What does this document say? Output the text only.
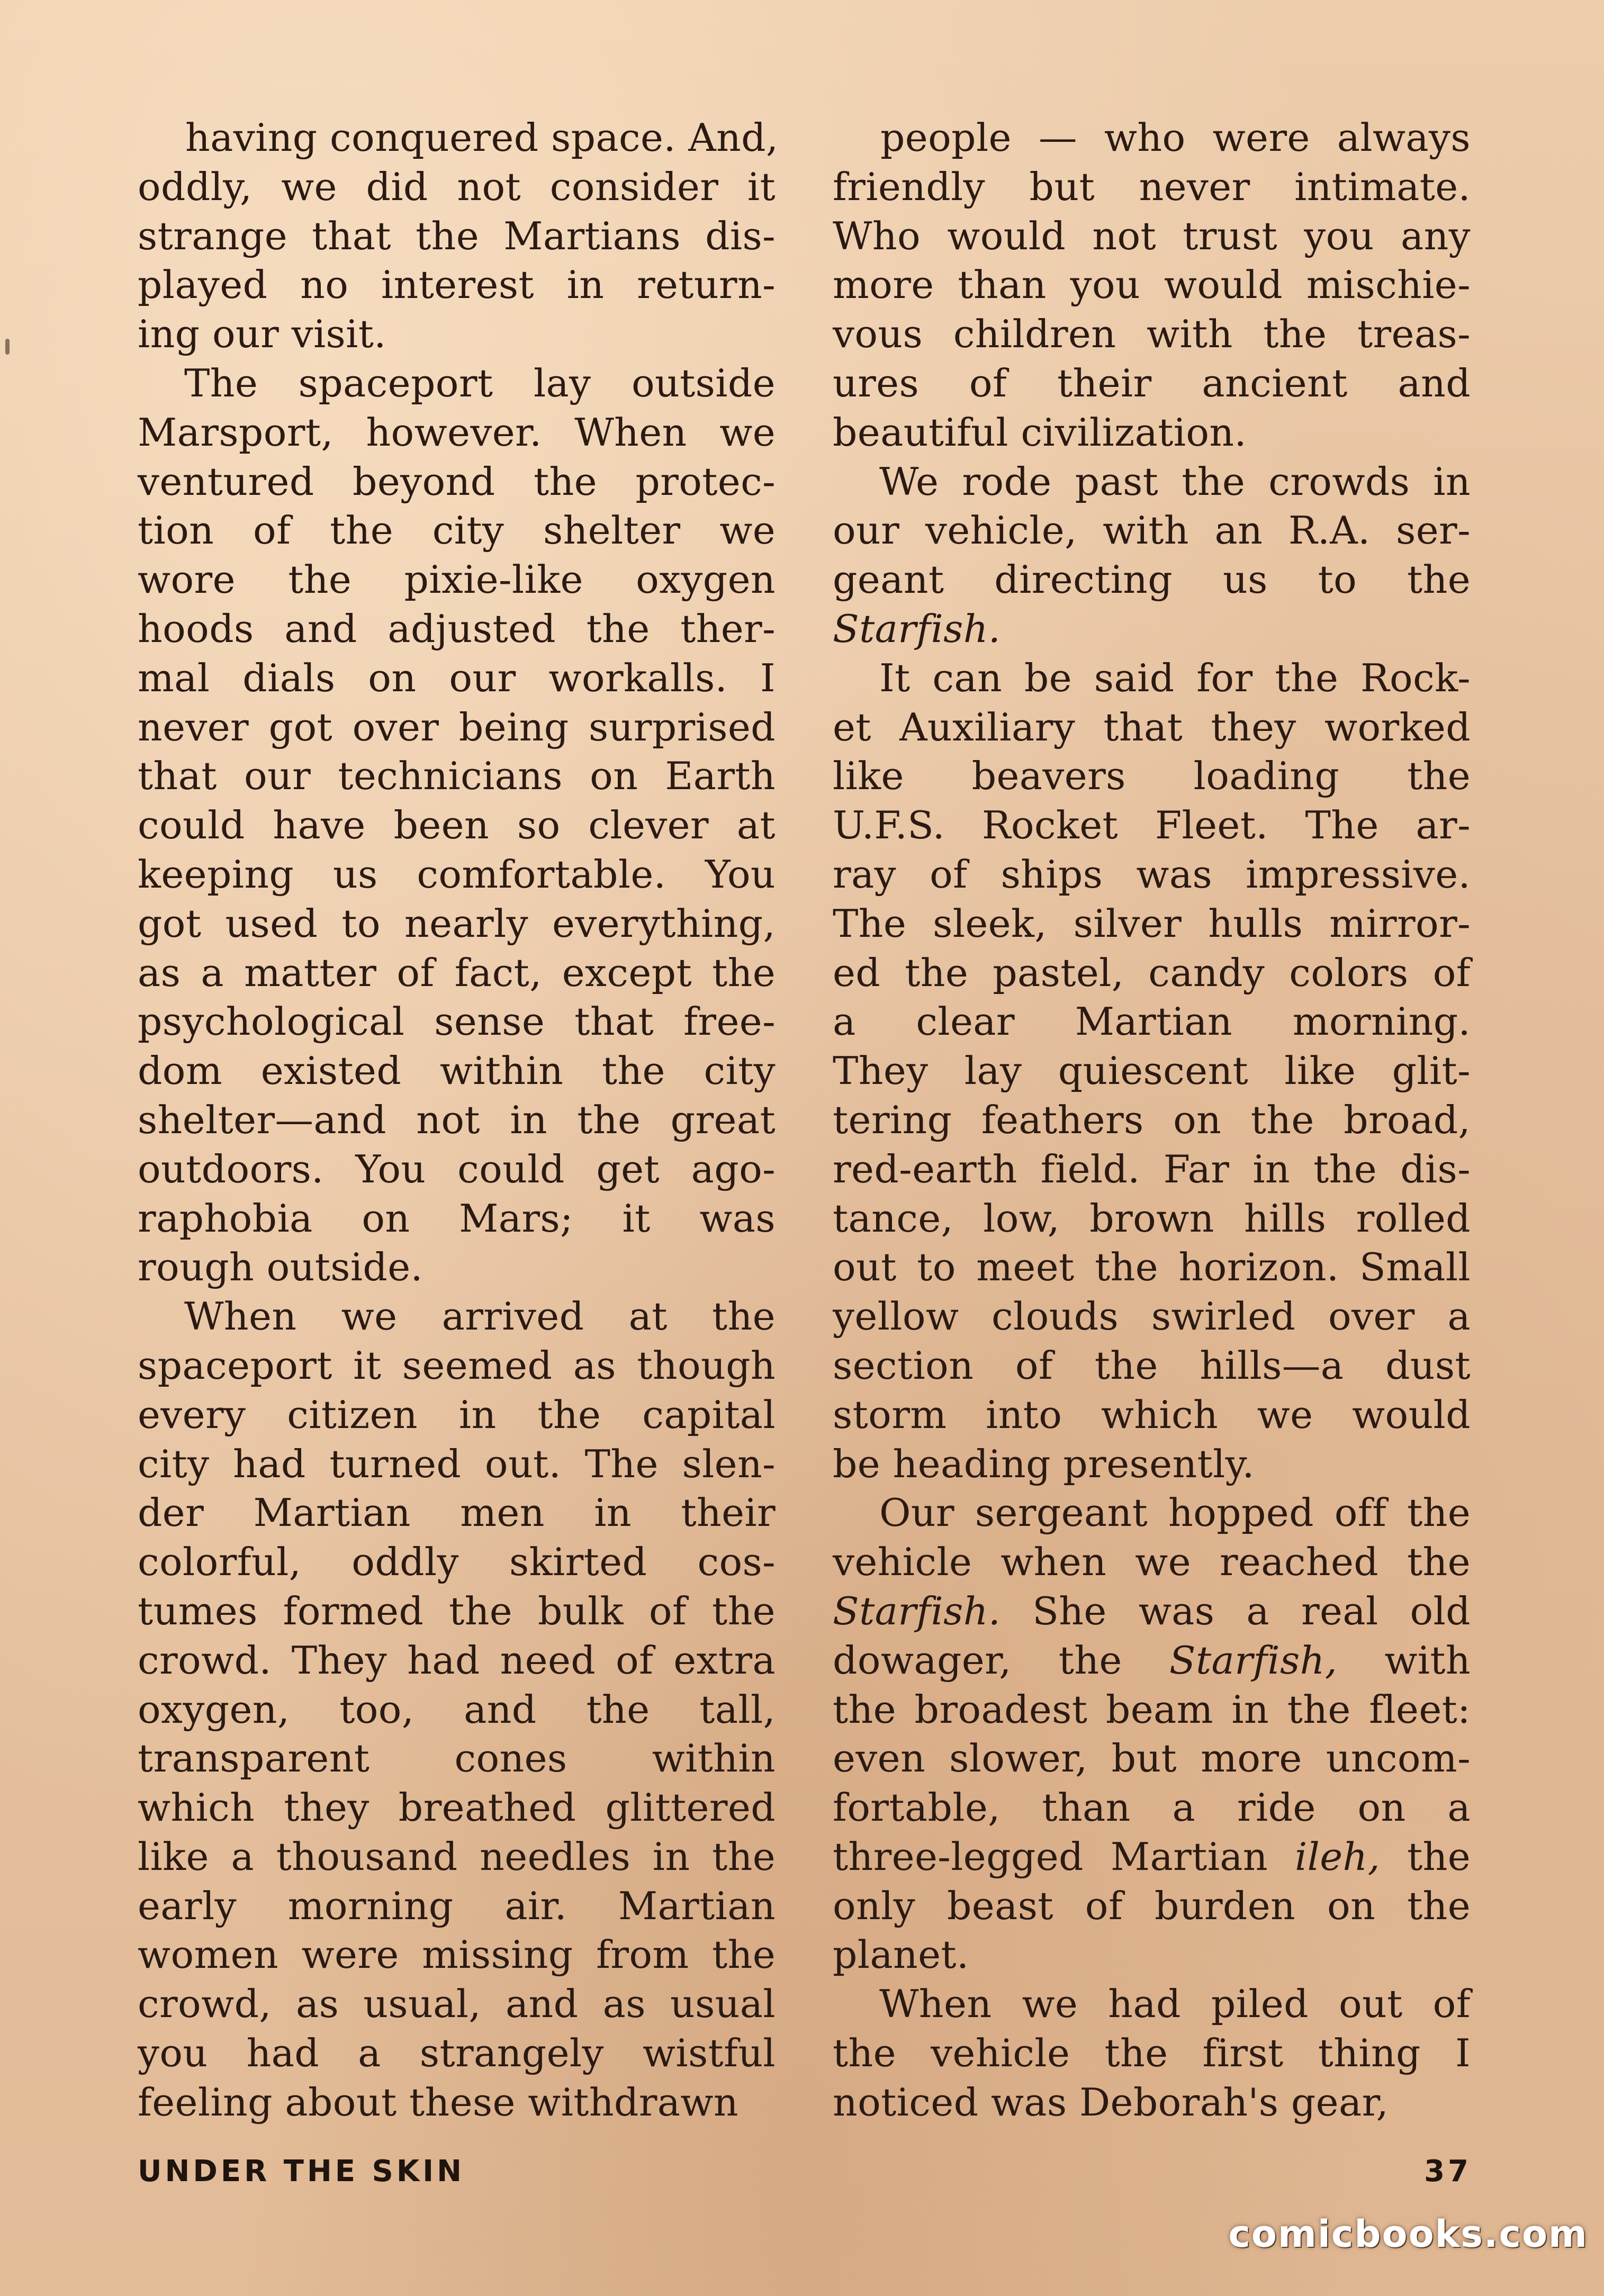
having conquered space. And,
oddly, we did not consider it
strange that the Martians dis-
played no interest in return-
ing our visit.
The spaceport lay outside
Marsport, however. When we
ventured beyond the protec-
tion of the city shelter we
wore the pixie-like oxygen
hoods and adjusted the ther-
mal dials on our workalls. I
never got over being surprised
that our technicians on Earth
could have been so clever at
keeping us comfortable. You
got used to nearly everything,
as a matter of fact, except the
psychological sense that free-
dom existed within the city
shelter—and not in the great
outdoors. You could get ago-
raphobia on Mars; it was
rough outside.
When we arrived at the
spaceport it seemed as though
every citizen in the capital
city had turned out. The slen-
der Martian men in their
colorful, oddly skirted cos-
tumes formed the bulk of the
crowd. They had need of extra
oxygen, too, and the tall,
transparent cones within
which they breathed glittered
like a thousand needles in the
early morning air. Martian
women were missing from the
crowd, as usual, and as usual
you had a strangely wistful
feeling about these withdrawn
people — who were always
friendly but never intimate.
Who would not trust you any
more than you would mischie-
vous children with the treas-
ures of their ancient and
beautiful civilization.
We rode past the crowds in
our vehicle, with an R.A. ser-
geant directing us to the
Starfish.
It can be said for the Rock-
et Auxiliary that they worked
like beavers loading the
U.F.S. Rocket Fleet. The ar-
ray of ships was impressive.
The sleek, silver hulls mirror-
ed the pastel, candy colors of
a clear Martian morning.
They lay quiescent like glit-
tering feathers on the broad,
red-earth field. Far in the dis-
tance, low, brown hills rolled
out to meet the horizon. Small
yellow clouds swirled over a
section of the hills—a dust
storm into which we would
be heading presently.
Our sergeant hopped off the
vehicle when we reached the
Starfish. She was a real old
dowager, the Starfish, with
the broadest beam in the fleet:
even slower, but more uncom-
fortable, than a ride on a
three-legged Martian ileh, the
only beast of burden on the
planet.
When we had piled out of
the vehicle the first thing I
noticed was Deborah's gear,
UNDER THE SKIN	37
comicbooks.com
